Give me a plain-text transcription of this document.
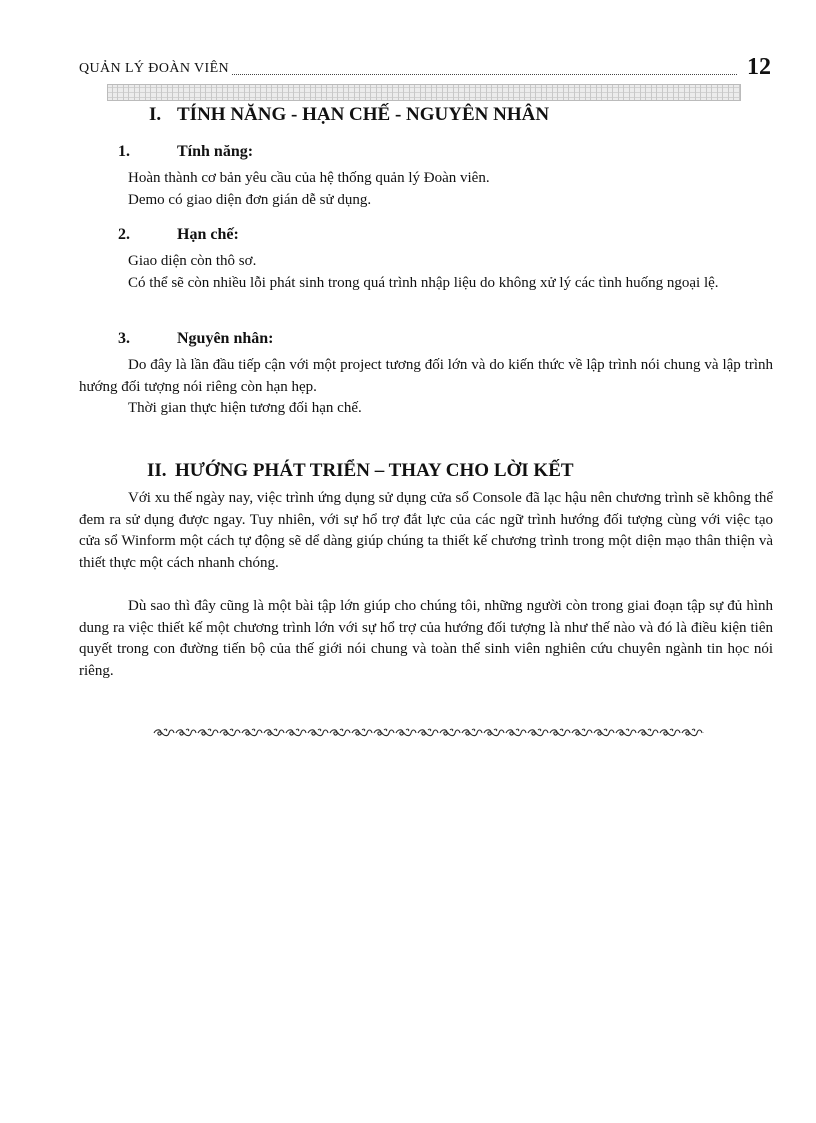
QUẢN LÝ ĐOÀN VIÊN	12
I. TÍNH NĂNG - HẠN CHẾ - NGUYÊN NHÂN
1.	Tính năng:

Hoàn thành cơ bản yêu cầu của hệ thống quản lý Đoàn viên.

Demo có giao diện đơn gián dễ sử dụng.

2.	Hạn chế:

Giao diện còn thô sơ.

Có thể sẽ còn nhiều lỗi phát sinh trong quá trình nhập liệu do không xử lý các tình huống ngoại lệ.

3.	Nguyên nhân:

Do đây là lần đầu tiếp cận với một project tương đối lớn và do kiến thức về lập trình nói chung và lập trình hướng đối tượng nói riêng còn hạn hẹp.

Thời gian thực hiện tương đối hạn chế.

II. HƯỚNG PHÁT TRIỂN – THAY CHO LỜI KẾT

Với xu thế ngày nay, việc trình ứng dụng sử dụng cửa sổ Console đã lạc hậu nên chương trình sẽ không thể đem ra sử dụng được ngay. Tuy nhiên, với sự hổ trợ đắt lực của các ngữ trình hướng đối tượng cùng với việc tạo cửa sổ Winform một cách tự động sẽ dể dàng giúp chúng ta thiết kế chương trình trong một diện mạo thân thiện và thiết thực một cách nhanh chóng.

Dù sao thì đây cũng là một bài tập lớn giúp cho chúng tôi, những người còn trong giai đoạn tập sự đủ hình dung ra việc thiết kế một chương trình lớn với sự hổ trợ của hướng đối tượng là như thế nào và đó là điều kiện tiên quyết trong con đường tiến bộ của thế giới nói chung và toàn thể sinh viên nghiên cứu chuyên ngành tin học nói riêng.
